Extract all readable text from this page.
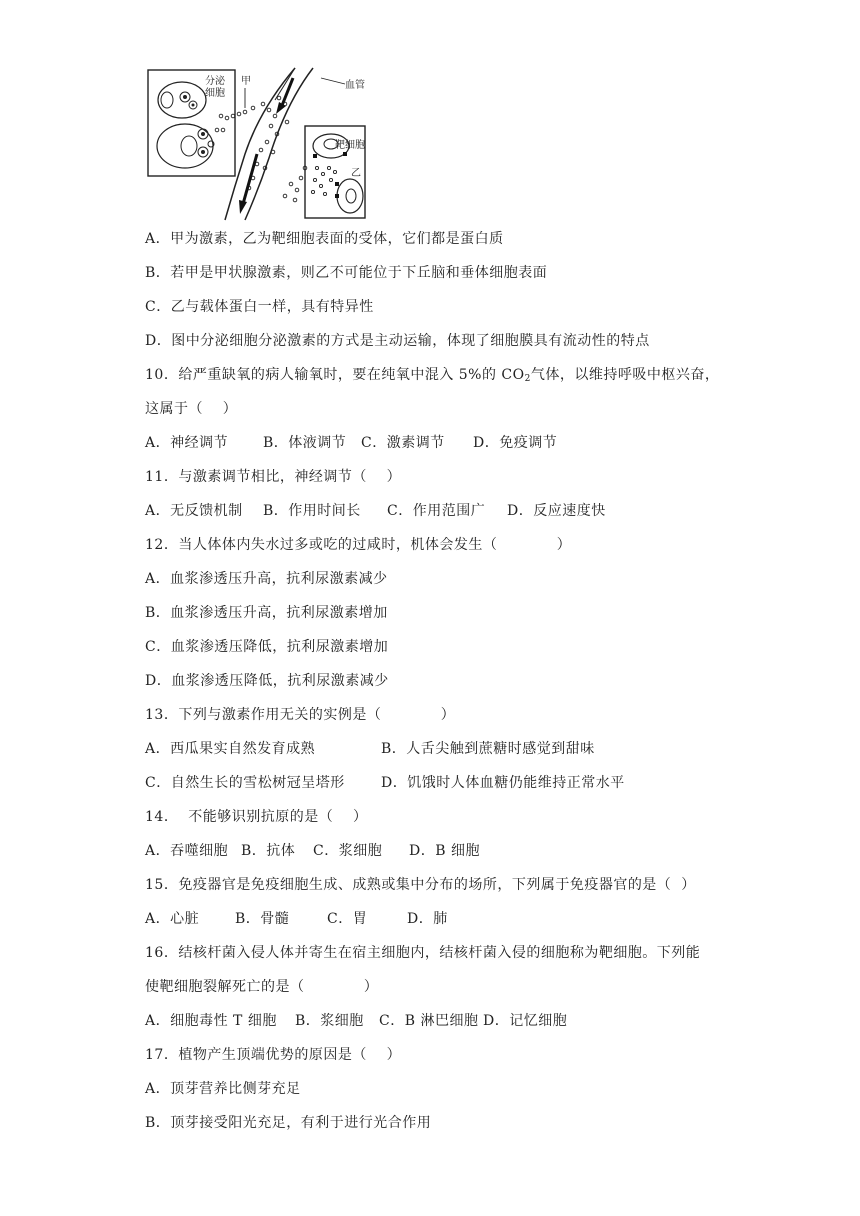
分泌
细胞
甲	血管
靶细胞
乙
A．甲为激素，乙为靶细胞表面的受体，它们都是蛋白质
B．若甲是甲状腺激素，则乙不可能位于下丘脑和垂体细胞表面
C．乙与载体蛋白一样，具有特异性
D．图中分泌细胞分泌激素的方式是主动运输，体现了细胞膜具有流动性的特点
10．给严重缺氧的病人输氧时，要在纯氧中混入 5%的 $CO_2$气体，以维持呼吸中枢兴奋，
这属于（    ）

A．神经调节

B．体液调节

C．激素调节

D．免疫调节

11．与激素调节相比，神经调节（    ）

A．无反馈机制

B．作用时间长

C．作用范围广

D．反应速度快

12．当人体体内失水过多或吃的过咸时，机体会发生（            ）
A．血浆渗透压升高，抗利尿激素减少
B．血浆渗透压升高，抗利尿激素增加
C．血浆渗透压降低，抗利尿激素增加
D．血浆渗透压降低，抗利尿激素减少
13．下列与激素作用无关的实例是（            ）

A．西瓜果实自然发育成熟

	B．人舌尖触到蔗糖时感觉到甜味

C．自然生长的雪松树冠呈塔形

	D．饥饿时人体血糖仍能维持正常水平

14．  不能够识别抗原的是（    ）

A．吞噬细胞

B．抗体

C．浆细胞

D．B 细胞

15．免疫器官是免疫细胞生成、成熟或集中分布的场所，下列属于免疫器官的是（  ）

A．心脏

	B．骨髓

	C．胃

	D．肺

16．结核杆菌入侵人体并寄生在宿主细胞内，结核杆菌入侵的细胞称为靶细胞。下列能
使靶细胞裂解死亡的是（            ）

A．细胞毒性 T 细胞

B．浆细胞

C．B 淋巴细胞

D．记忆细胞

17．植物产生顶端优势的原因是（    ）
A．顶芽营养比侧芽充足
B．顶芽接受阳光充足，有利于进行光合作用
